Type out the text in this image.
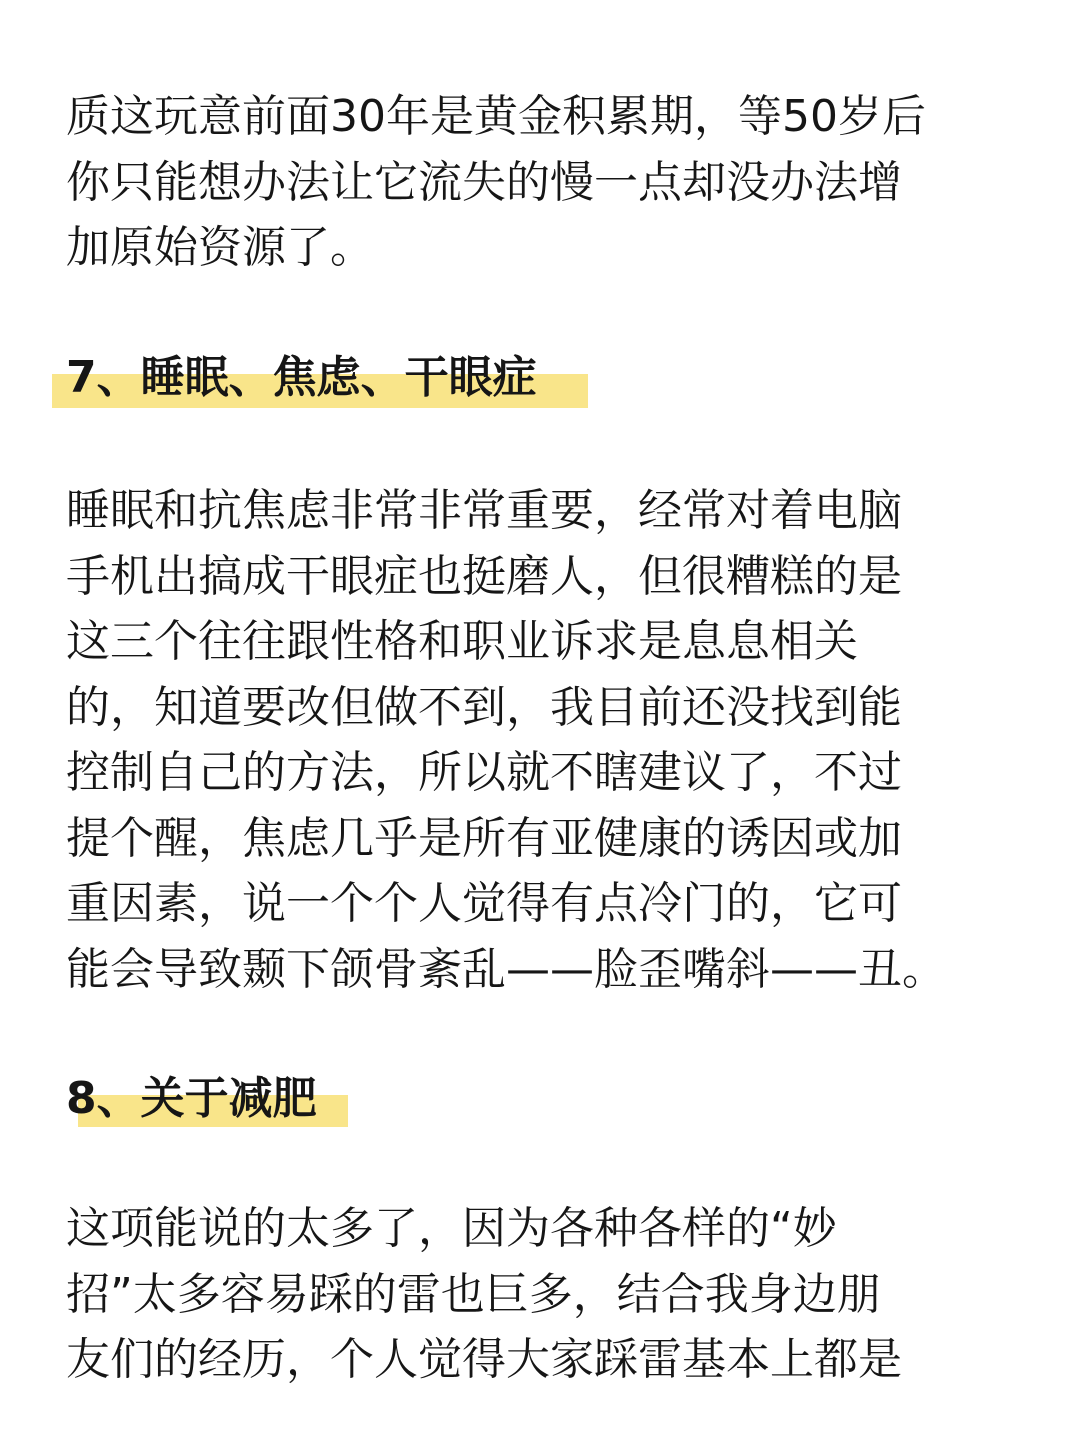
质这玩意前面30年是黄金积累期，等50岁后
你只能想办法让它流失的慢一点却没办法增
加原始资源了。
7、睡眠、焦虑、干眼症
睡眠和抗焦虑非常非常重要，经常对着电脑
手机出搞成干眼症也挺磨人，但很糟糕的是
这三个往往跟性格和职业诉求是息息相关
的，知道要改但做不到，我目前还没找到能
控制自己的方法，所以就不瞎建议了，不过
提个醒，焦虑几乎是所有亚健康的诱因或加
重因素，说一个个人觉得有点冷门的，它可
能会导致颞下颌骨紊乱——脸歪嘴斜——丑。
8、关于减肥
这项能说的太多了，因为各种各样的“妙
招”太多容易踩的雷也巨多，结合我身边朋
友们的经历，个人觉得大家踩雷基本上都是
